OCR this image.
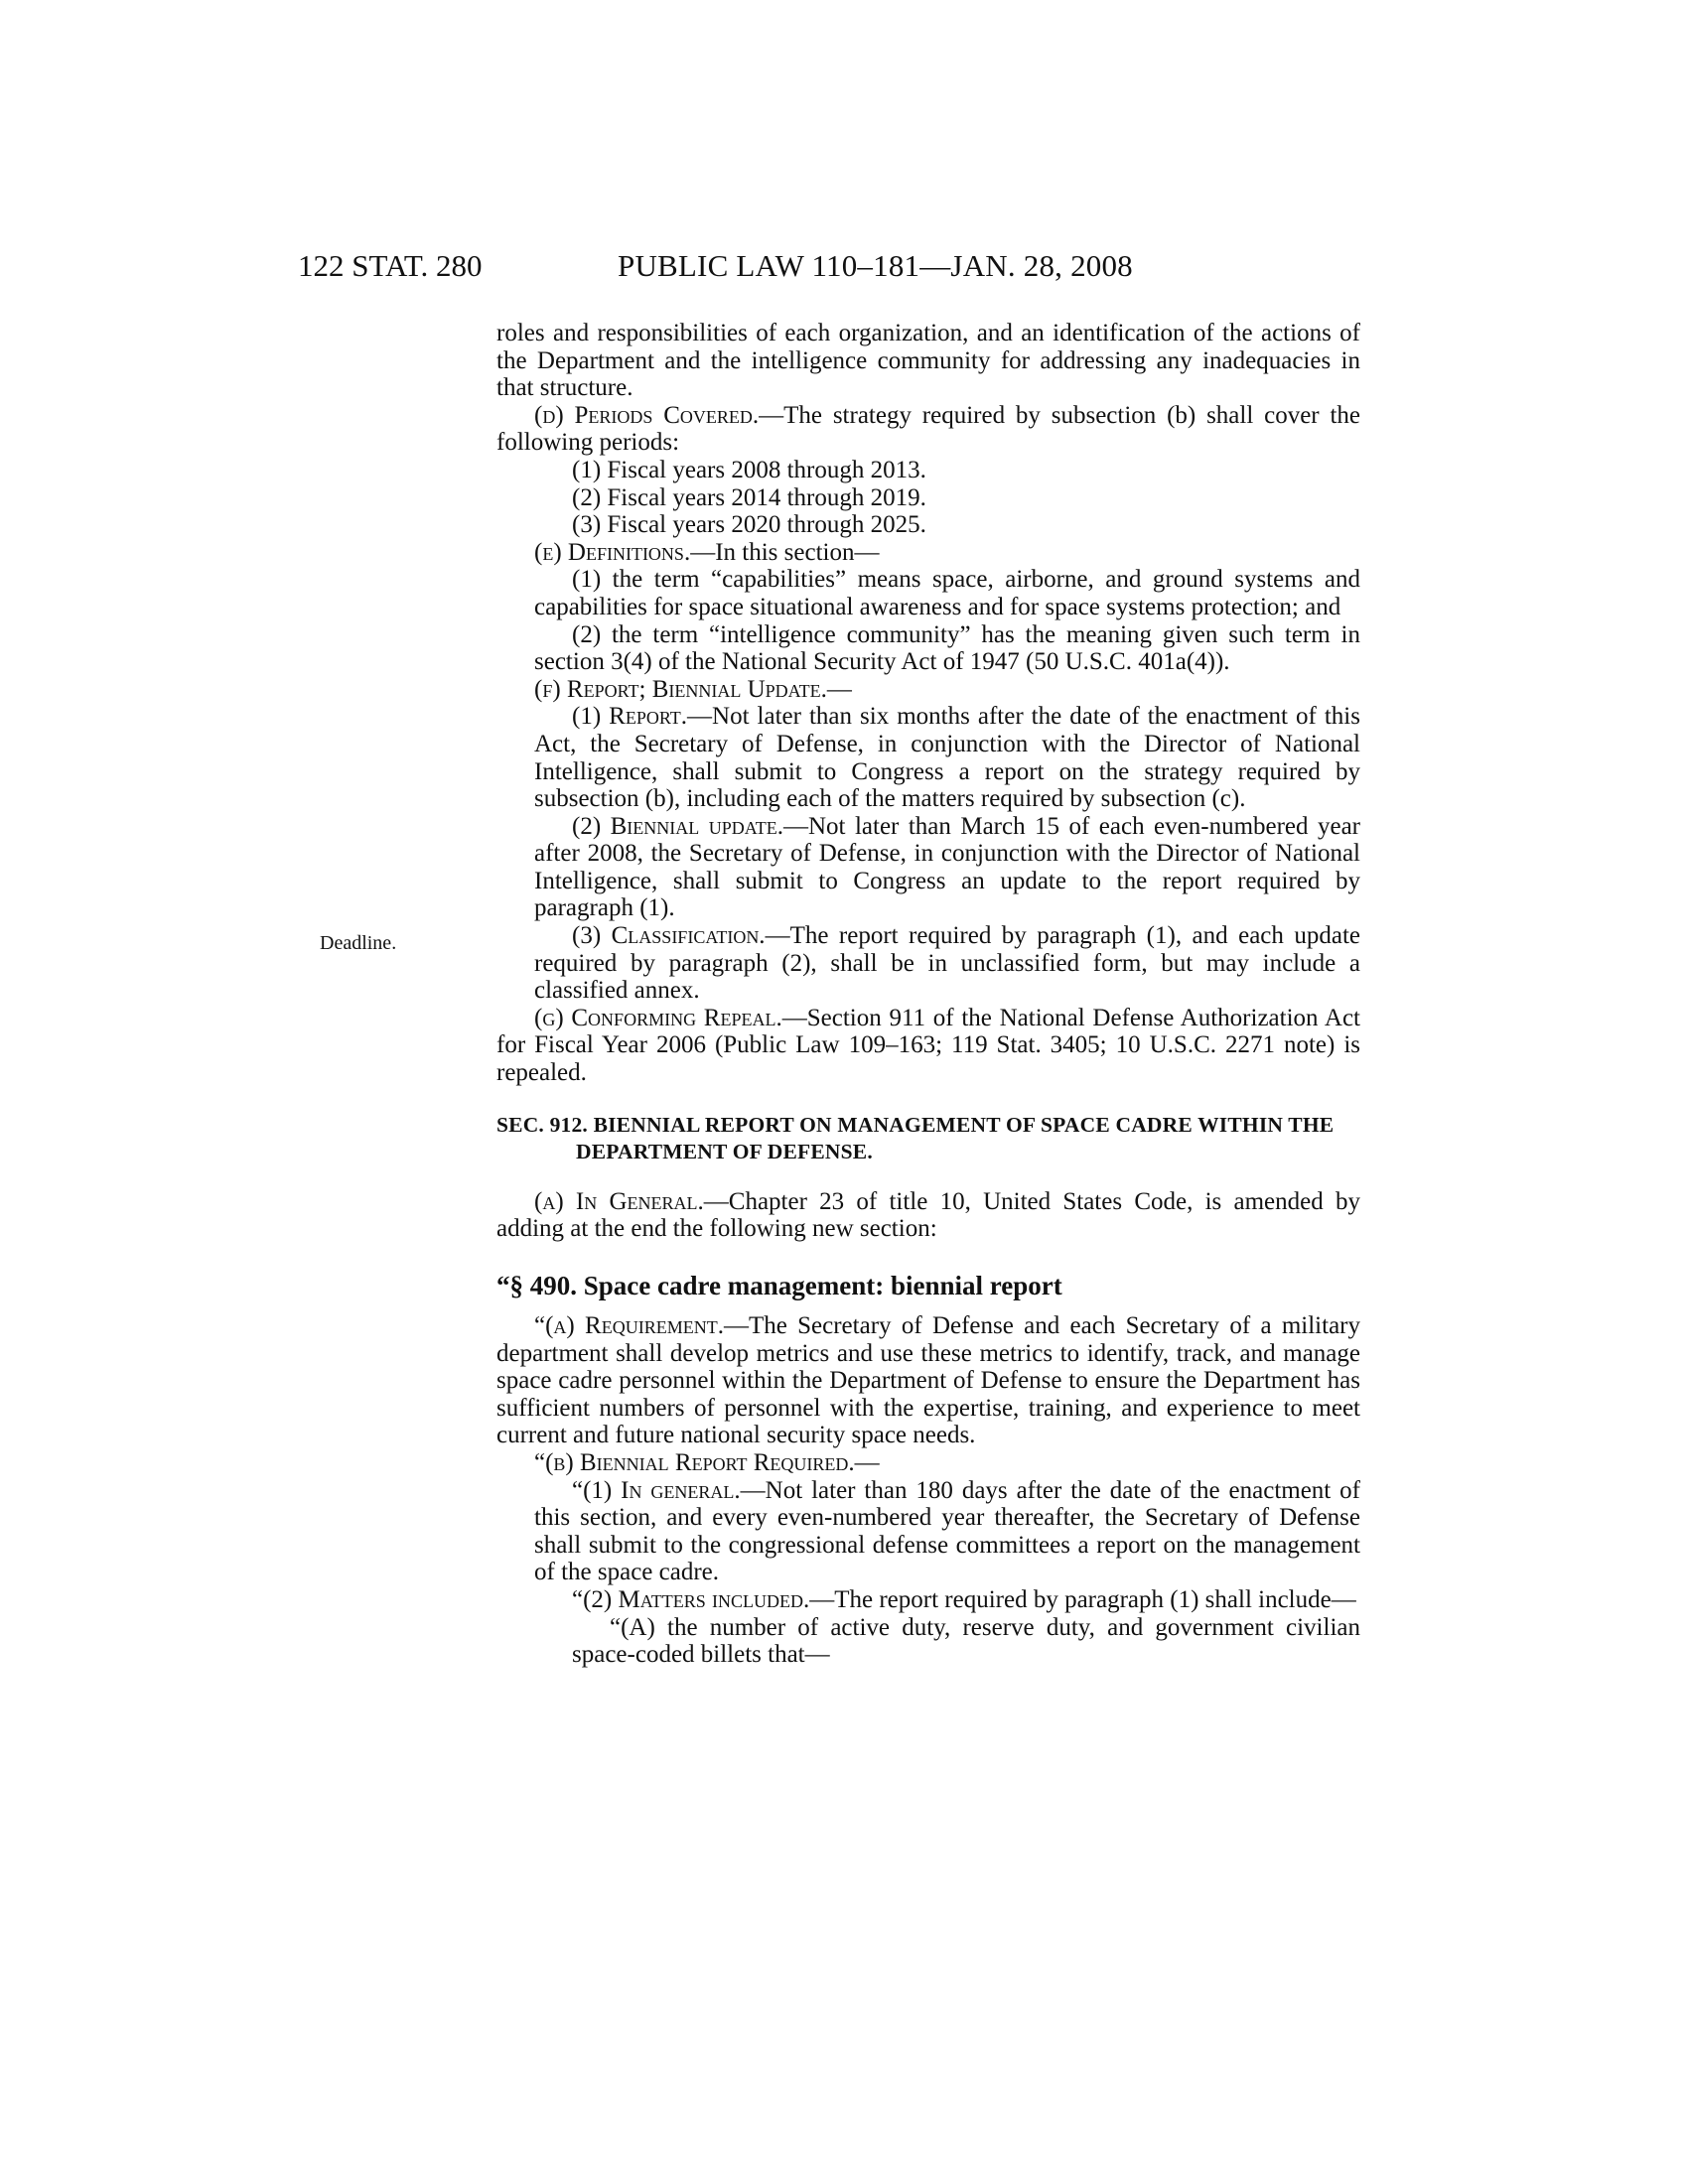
122 STAT. 280	PUBLIC LAW 110–181—JAN. 28, 2008
Deadline.

roles and responsibilities of each organization, and an identification of the actions of the Department and the intelligence community for addressing any inadequacies in that structure.

(d) Periods Covered.—The strategy required by subsection (b) shall cover the following periods:

(1) Fiscal years 2008 through 2013.

(2) Fiscal years 2014 through 2019.

(3) Fiscal years 2020 through 2025.

(e) Definitions.—In this section—

(1) the term “capabilities” means space, airborne, and ground systems and capabilities for space situational awareness and for space systems protection; and

(2) the term “intelligence community” has the meaning given such term in section 3(4) of the National Security Act of 1947 (50 U.S.C. 401a(4)).

(f) Report; Biennial Update.—

(1) Report.—Not later than six months after the date of the enactment of this Act, the Secretary of Defense, in conjunction with the Director of National Intelligence, shall submit to Congress a report on the strategy required by subsection (b), including each of the matters required by subsection (c).

(2) Biennial update.—Not later than March 15 of each even-numbered year after 2008, the Secretary of Defense, in conjunction with the Director of National Intelligence, shall submit to Congress an update to the report required by paragraph (1).

(3) Classification.—The report required by paragraph (1), and each update required by paragraph (2), shall be in unclassified form, but may include a classified annex.

(g) Conforming Repeal.—Section 911 of the National Defense Authorization Act for Fiscal Year 2006 (Public Law 109–163; 119 Stat. 3405; 10 U.S.C. 2271 note) is repealed.

SEC. 912. BIENNIAL REPORT ON MANAGEMENT OF SPACE CADRE WITHIN THE DEPARTMENT OF DEFENSE.

(a) In General.—Chapter 23 of title 10, United States Code, is amended by adding at the end the following new section:

“§ 490. Space cadre management: biennial report

“(a) Requirement.—The Secretary of Defense and each Secretary of a military department shall develop metrics and use these metrics to identify, track, and manage space cadre personnel within the Department of Defense to ensure the Department has sufficient numbers of personnel with the expertise, training, and experience to meet current and future national security space needs.

“(b) Biennial Report Required.—

“(1) In general.—Not later than 180 days after the date of the enactment of this section, and every even-numbered year thereafter, the Secretary of Defense shall submit to the congressional defense committees a report on the management of the space cadre.

“(2) Matters included.—The report required by paragraph (1) shall include—

“(A) the number of active duty, reserve duty, and government civilian space-coded billets that—
